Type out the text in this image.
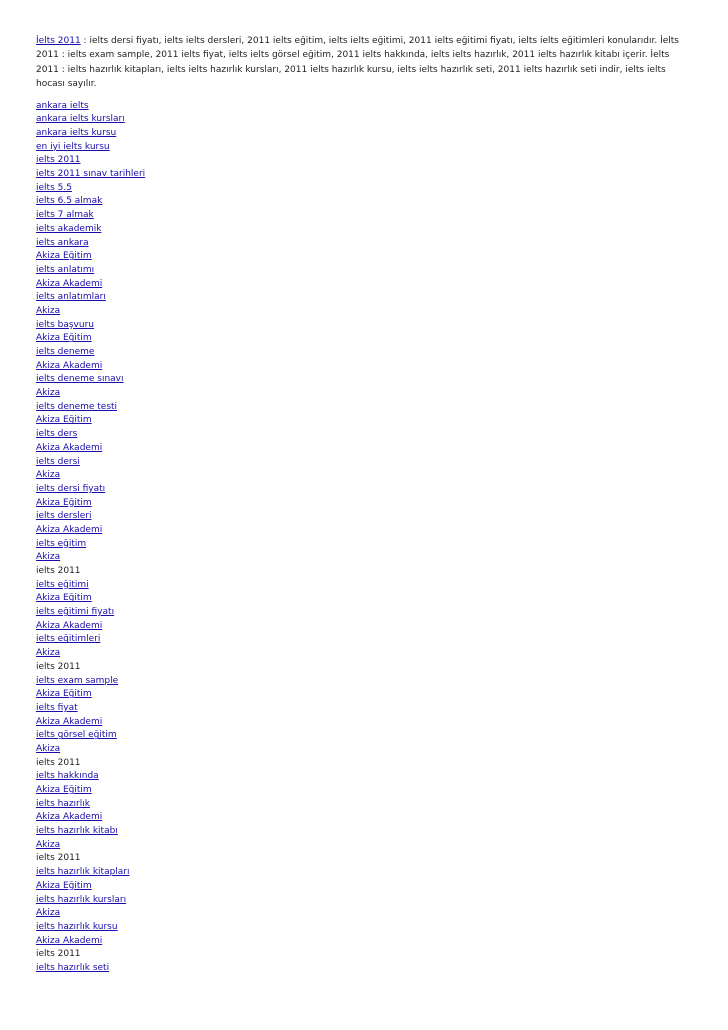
İelts 2011 : ielts dersi fiyatı, ielts ielts dersleri, 2011 ielts eğitim, ielts ielts eğitimi, 2011 ielts eğitimi fiyatı, ielts ielts eğitimleri konularıdır. İelts 2011 : ielts exam sample, 2011 ielts fiyat, ielts ielts görsel eğitim, 2011 ielts hakkında, ielts ielts hazırlık, 2011 ielts hazırlık kitabı içerir. İelts 2011 : ielts hazırlık kitapları, ielts ielts hazırlık kursları, 2011 ielts hazırlık kursu, ielts ielts hazırlık seti, 2011 ielts hazırlık seti indir, ielts ielts hocası sayılır.

ankara ielts
ankara ielts kursları
ankara ielts kursu
en iyi ielts kursu
ielts 2011
ielts 2011 sınav tarihleri
ielts 5.5
ielts 6.5 almak
ielts 7 almak
ielts akademik
ielts ankara
Akiza Eğitim
ielts anlatımı
Akiza Akademi
ielts anlatımları
Akiza
ielts başvuru
Akiza Eğitim
ielts deneme
Akiza Akademi
ielts deneme sınavı
Akiza
ielts deneme testi
Akiza Eğitim
ielts ders
Akiza Akademi
ielts dersi
Akiza
ielts dersi fiyatı
Akiza Eğitim
ielts dersleri
Akiza Akademi
ielts eğitim
Akiza
ielts 2011
ielts eğitimi
Akiza Eğitim
ielts eğitimi fiyatı
Akiza Akademi
ielts eğitimleri
Akiza
ielts 2011
ielts exam sample
Akiza Eğitim
ielts fiyat
Akiza Akademi
ielts görsel eğitim
Akiza
ielts 2011
ielts hakkında
Akiza Eğitim
ielts hazırlık
Akiza Akademi
ielts hazırlık kitabı
Akiza
ielts 2011
ielts hazırlık kitapları
Akiza Eğitim
ielts hazırlık kursları
Akiza
ielts hazırlık kursu
Akiza Akademi
ielts 2011
ielts hazırlık seti
